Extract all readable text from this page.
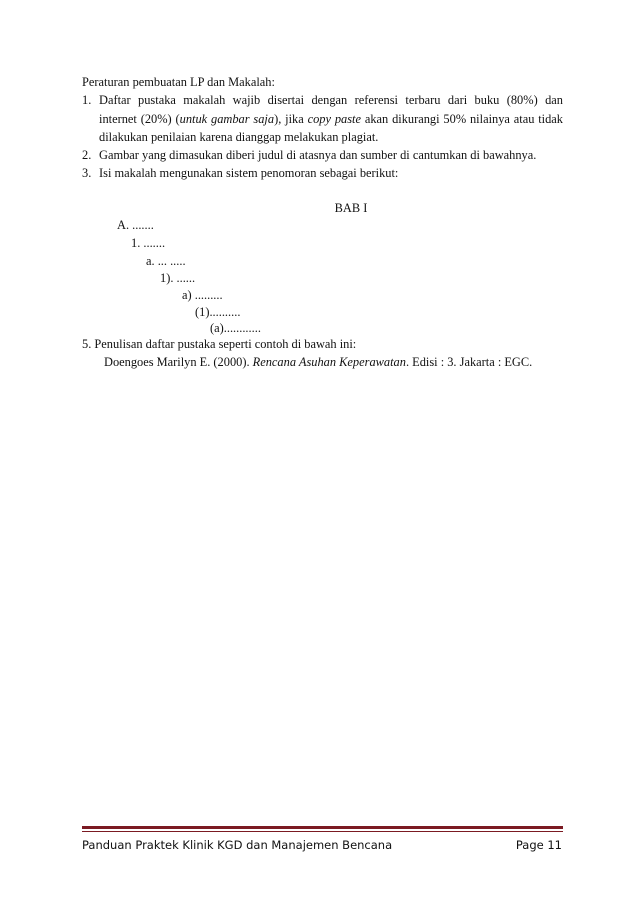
Peraturan pembuatan LP dan Makalah:
1. Daftar pustaka makalah wajib disertai dengan referensi terbaru dari buku (80%) dan
internet (20%) (untuk gambar saja), jika copy paste akan dikurangi 50% nilainya atau tidak
dilakukan penilaian karena dianggap melakukan plagiat.
2. Gambar yang dimasukan diberi judul di atasnya dan sumber di cantumkan di bawahnya.
3. Isi makalah mengunakan sistem penomoran sebagai berikut:
BAB I
A. .......
1. .......
a. ... .....
1). ......
a) .........
(1)..........
(a)............
5. Penulisan daftar pustaka seperti contoh di bawah ini:
Doengoes Marilyn E. (2000). Rencana Asuhan Keperawatan. Edisi : 3. Jakarta : EGC.
Panduan Praktek Klinik KGD dan Manajemen Bencana	Page 11
